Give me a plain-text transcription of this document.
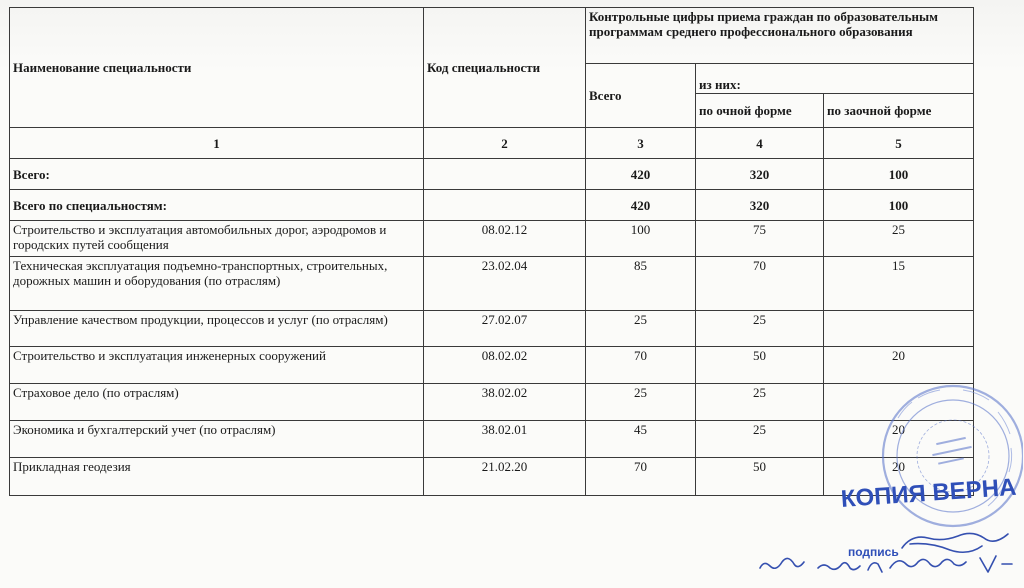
Наименование специальности	Код специальности	Контрольные цифры приема граждан по образовательным программам среднего профессионального образования		
		Всего	из них:	
			по очной форме	по заочной форме
1	2	3	4	5
Всего:		420	320	100
Всего по специальностям:		420	320	100
Строительство и эксплуатация автомобильных дорог, аэродромов и городских путей сообщения	08.02.12	100	75	25
Техническая эксплуатация подъемно-транспортных, строительных, дорожных машин и оборудования (по отраслям)	23.02.04	85	70	15
Управление качеством продукции, процессов и услуг (по отраслям)	27.02.07	25	25	
Строительство и эксплуатация инженерных сооружений	08.02.02	70	50	20
Страховое дело (по отраслям)	38.02.02	25	25	
Экономика и бухгалтерский учет (по отраслям)	38.02.01	45	25	20
Прикладная геодезия	21.02.20	70	50	20
КОПИЯ ВЕРНА
подпись
